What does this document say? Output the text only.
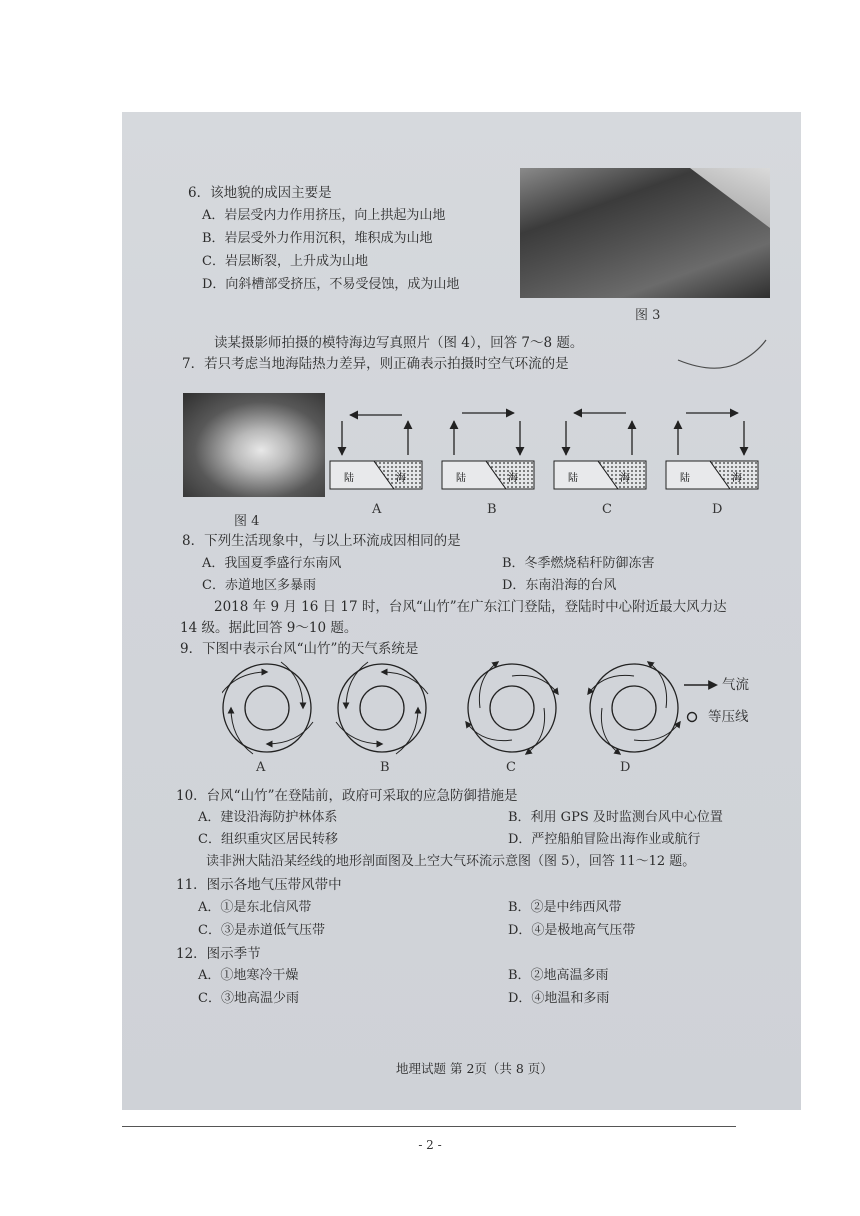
6．该地貌的成因主要是
A．岩层受内力作用挤压，向上拱起为山地
B．岩层受外力作用沉积，堆积成为山地
C．岩层断裂，上升成为山地
D．向斜槽部受挤压，不易受侵蚀，成为山地
图 3
读某摄影师拍摄的模特海边写真照片（图 4），回答 7～8 题。
7．若只考虑当地海陆热力差异，则正确表示拍摄时空气环流的是
图 4
陆	海	陆	海	陆	海	陆	海
A	B	C	D
8．下列生活现象中，与以上环流成因相同的是
A．我国夏季盛行东南风	B．冬季燃烧秸秆防御冻害
C．赤道地区多暴雨	D．东南沿海的台风
2018 年 9 月 16 日 17 时，台风“山竹”在广东江门登陆，登陆时中心附近最大风力达
14 级。据此回答 9～10 题。
9．下图中表示台风“山竹”的天气系统是
气流
等压线
A	B	C	D
10．台风“山竹”在登陆前，政府可采取的应急防御措施是
A．建设沿海防护林体系	B．利用 GPS 及时监测台风中心位置
C．组织重灾区居民转移	D．严控船舶冒险出海作业或航行
读非洲大陆沿某经线的地形剖面图及上空大气环流示意图（图 5），回答 11～12 题。
11．图示各地气压带风带中
A．①是东北信风带	B．②是中纬西风带
C．③是赤道低气压带	D．④是极地高气压带
12．图示季节
A．①地寒冷干燥	B．②地高温多雨
C．③地高温少雨	D．④地温和多雨
地理试题 第 2页（共 8 页）
- 2 -
